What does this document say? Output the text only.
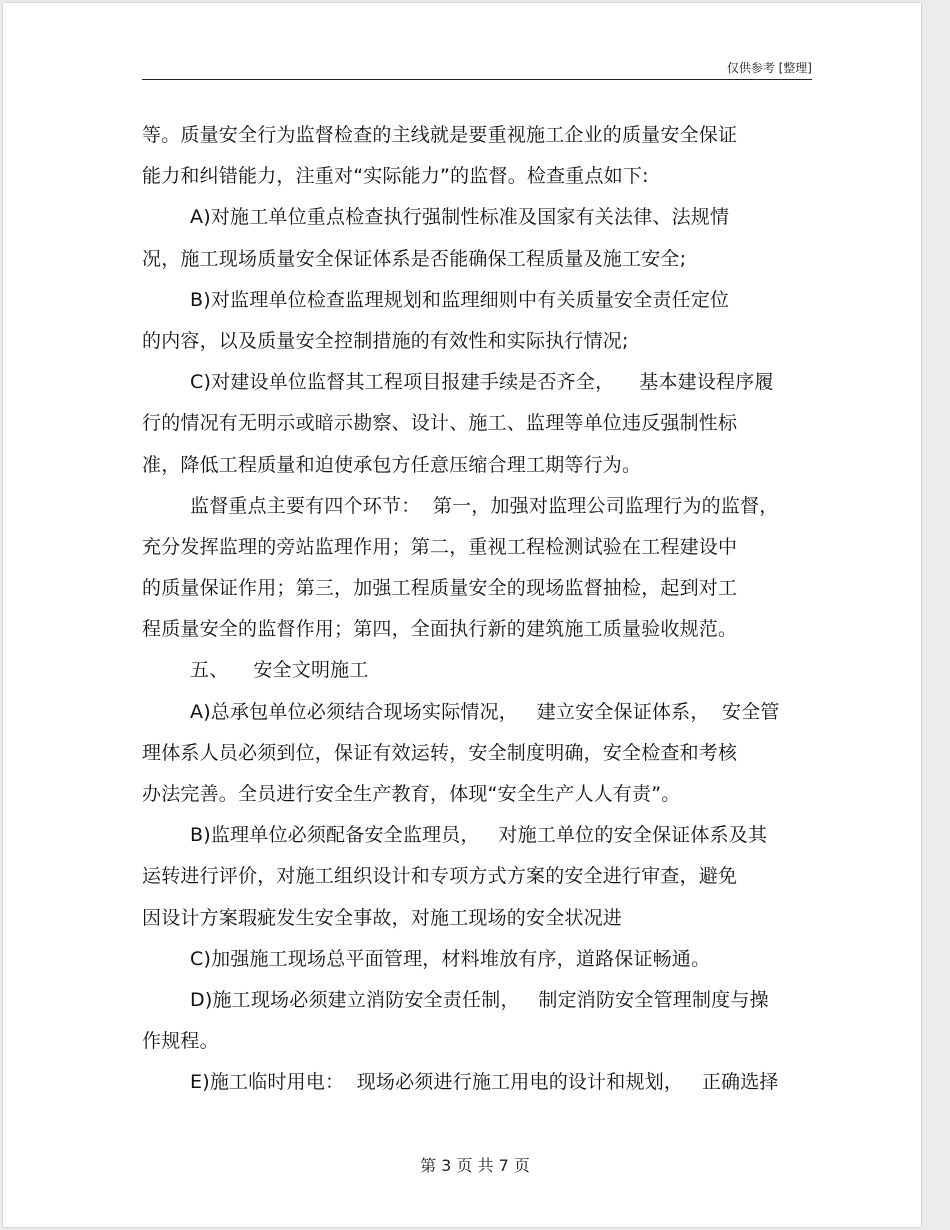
仅供参考 [整理]
等。质量安全行为监督检查的主线就是要重视施工企业的质量安全保证
能力和纠错能力，注重对“实际能力”的监督。检查重点如下:
A)对施工单位重点检查执行强制性标准及国家有关法律、法规情
况，施工现场质量安全保证体系是否能确保工程质量及施工安全;
B)对监理单位检查监理规划和监理细则中有关质量安全责任定位
的内容，以及质量安全控制措施的有效性和实际执行情况;
C)对建设单位监督其工程项目报建手续是否齐全，    基本建设程序履
行的情况有无明示或暗示勘察、设计、施工、监理等单位违反强制性标
准，降低工程质量和迫使承包方任意压缩合理工期等行为。
监督重点主要有四个环节：  第一，加强对监理公司监理行为的监督，
充分发挥监理的旁站监理作用；第二，重视工程检测试验在工程建设中
的质量保证作用；第三，加强工程质量安全的现场监督抽检，起到对工
程质量安全的监督作用；第四，全面执行新的建筑施工质量验收规范。
五、    安全文明施工
A)总承包单位必须结合现场实际情况，   建立安全保证体系，  安全管
理体系人员必须到位，保证有效运转，安全制度明确，安全检查和考核
办法完善。全员进行安全生产教育，体现“安全生产人人有责”。
B)监理单位必须配备安全监理员，   对施工单位的安全保证体系及其
运转进行评价，对施工组织设计和专项方式方案的安全进行审查，避免
因设计方案瑕疵发生安全事故，对施工现场的安全状况进
C)加强施工现场总平面管理，材料堆放有序，道路保证畅通。
D)施工现场必须建立消防安全责任制，   制定消防安全管理制度与操
作规程。
E)施工临时用电：  现场必须进行施工用电的设计和规划，   正确选择
第 3 页 共 7 页
